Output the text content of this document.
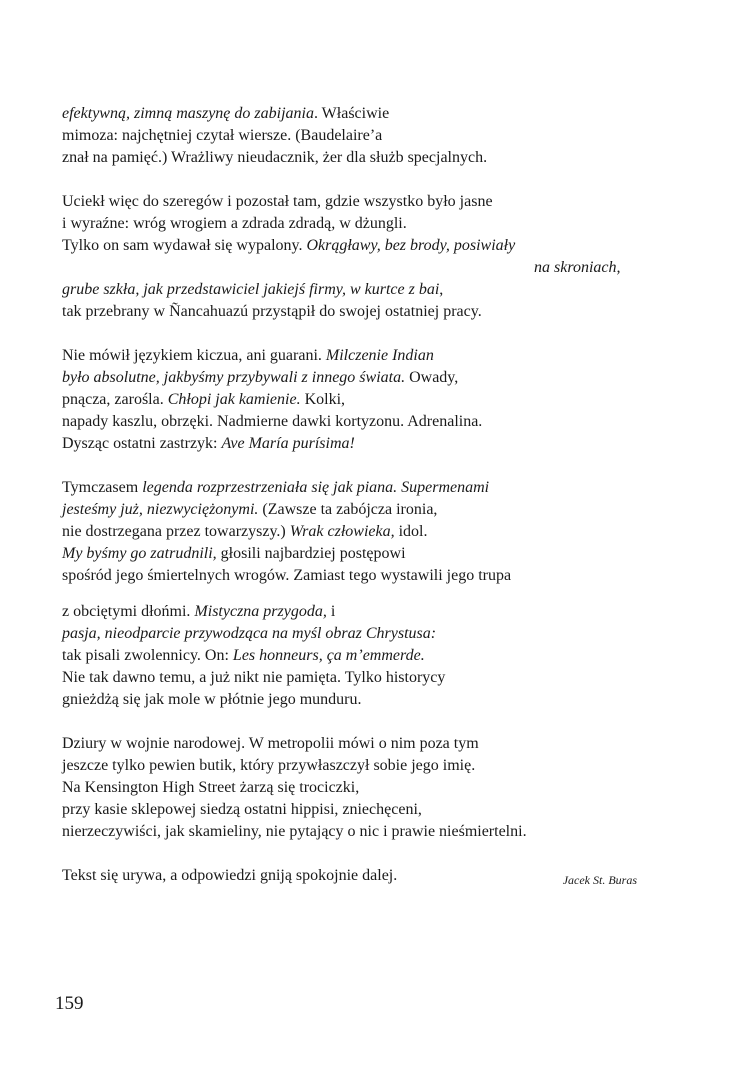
efektywną, zimną maszynę do zabijania. Właściwie
mimoza: najchętniej czytał wiersze. (Baudelaire’a
znał na pamięć.) Wrażliwy nieudacznik, żer dla służb specjalnych.
Uciekł więc do szeregów i pozostał tam, gdzie wszystko było jasne
i wyraźne: wróg wrogiem a zdrada zdradą, w dżungli.
Tylko on sam wydawał się wypalony. Okrągławy, bez brody, posiwiały
na skroniach,
grube szkła, jak przedstawiciel jakiejś firmy, w kurtce z bai,
tak przebrany w Ñancahuazú przystąpił do swojej ostatniej pracy.
Nie mówił językiem kiczua, ani guarani. Milczenie Indian
było absolutne, jakbyśmy przybywali z innego świata. Owady,
pnącza, zarośla. Chłopi jak kamienie. Kolki,
napady kaszlu, obrzęki. Nadmierne dawki kortyzonu. Adrenalina.
Dysząc ostatni zastrzyk: Ave María purísima!
Tymczasem legenda rozprzestrzeniała się jak piana. Supermenami
jesteśmy już, niezwyciężonymi. (Zawsze ta zabójcza ironia,
nie dostrzegana przez towarzyszy.) Wrak człowieka, idol.
My byśmy go zatrudnili, głosili najbardziej postępowi
spośród jego śmiertelnych wrogów. Zamiast tego wystawili jego trupa
z obciętymi dłońmi. Mistyczna przygoda, i
pasja, nieodparcie przywodząca na myśl obraz Chrystusa:
tak pisali zwolennicy. On: Les honneurs, ça m’emmerde.
Nie tak dawno temu, a już nikt nie pamięta. Tylko historycy
gnieżdżą się jak mole w płótnie jego munduru.
Dziury w wojnie narodowej. W metropolii mówi o nim poza tym
jeszcze tylko pewien butik, który przywłaszczył sobie jego imię.
Na Kensington High Street żarzą się trociczki,
przy kasie sklepowej siedzą ostatni hippisi, zniechęceni,
nierzeczywiści, jak skamieliny, nie pytający o nic i prawie nieśmiertelni.
Tekst się urywa, a odpowiedzi gniją spokojnie dalej.	Jacek St. Buras
159
